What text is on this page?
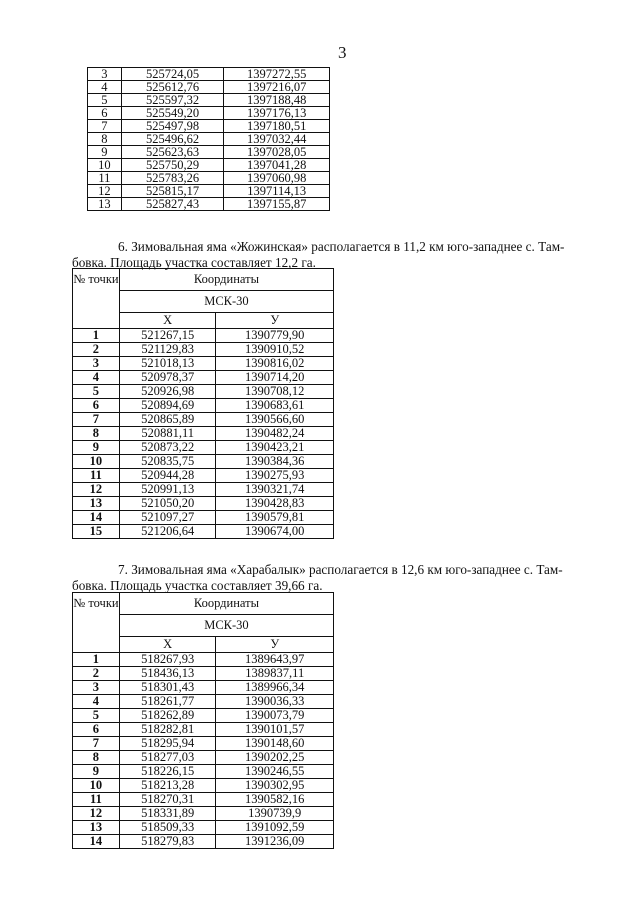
3
3	525724,05	1397272,55
4	525612,76	1397216,07
5	525597,32	1397188,48
6	525549,20	1397176,13
7	525497,98	1397180,51
8	525496,62	1397032,44
9	525623,63	1397028,05
10	525750,29	1397041,28
11	525783,26	1397060,98
12	525815,17	1397114,13
13	525827,43	1397155,87
6. Зимовальная яма «Жожинская» располагается в 11,2 км юго-западнее с. Там-
бовка. Площадь участка составляет 12,2 га.
№ точки	Координаты	
	МСК-30	
	Х	У
1	521267,15	1390779,90
2	521129,83	1390910,52
3	521018,13	1390816,02
4	520978,37	1390714,20
5	520926,98	1390708,12
6	520894,69	1390683,61
7	520865,89	1390566,60
8	520881,11	1390482,24
9	520873,22	1390423,21
10	520835,75	1390384,36
11	520944,28	1390275,93
12	520991,13	1390321,74
13	521050,20	1390428,83
14	521097,27	1390579,81
15	521206,64	1390674,00
7. Зимовальная яма «Харабалык» располагается в 12,6 км юго-западнее с. Там-
бовка. Площадь участка составляет 39,66 га.
№ точки	Координаты	
	МСК-30	
	Х	У
1	518267,93	1389643,97
2	518436,13	1389837,11
3	518301,43	1389966,34
4	518261,77	1390036,33
5	518262,89	1390073,79
6	518282,81	1390101,57
7	518295,94	1390148,60
8	518277,03	1390202,25
9	518226,15	1390246,55
10	518213,28	1390302,95
11	518270,31	1390582,16
12	518331,89	1390739,9
13	518509,33	1391092,59
14	518279,83	1391236,09
